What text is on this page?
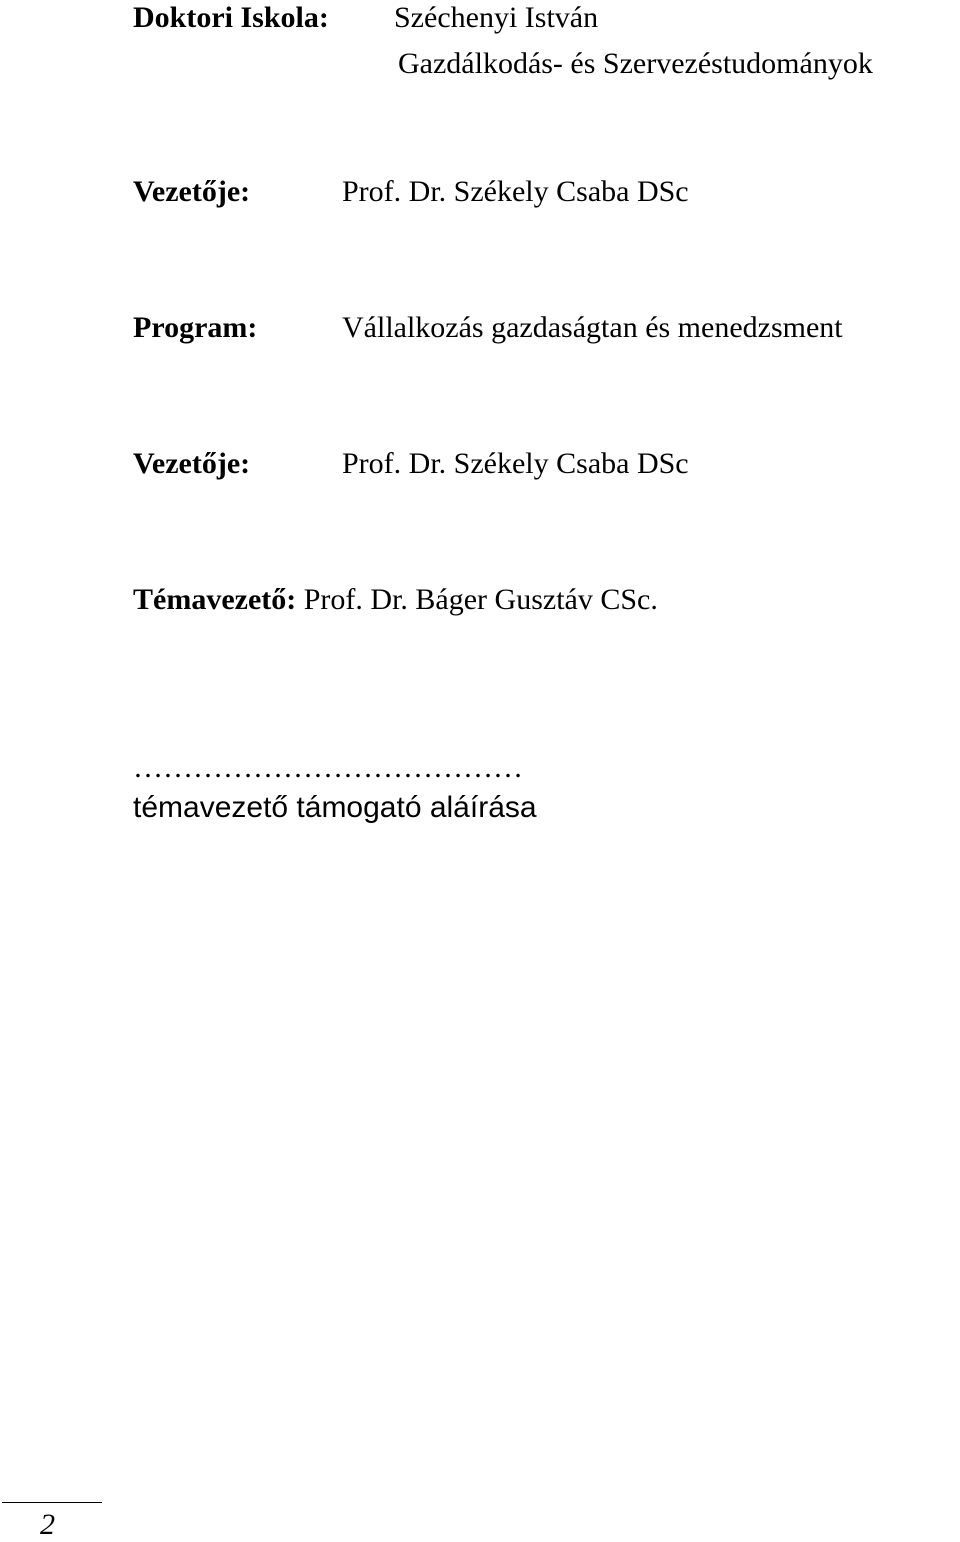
Doktori Iskola: Széchenyi István
Gazdálkodás- és Szervezéstudományok
Vezetője:	Prof. Dr. Székely Csaba DSc
Program:	Vállalkozás gazdaságtan és menedzsment
Vezetője:	Prof. Dr. Székely Csaba DSc
Témavezető: Prof. Dr. Báger Gusztáv CSc.
…………………………………
témavezető támogató aláírása
2
